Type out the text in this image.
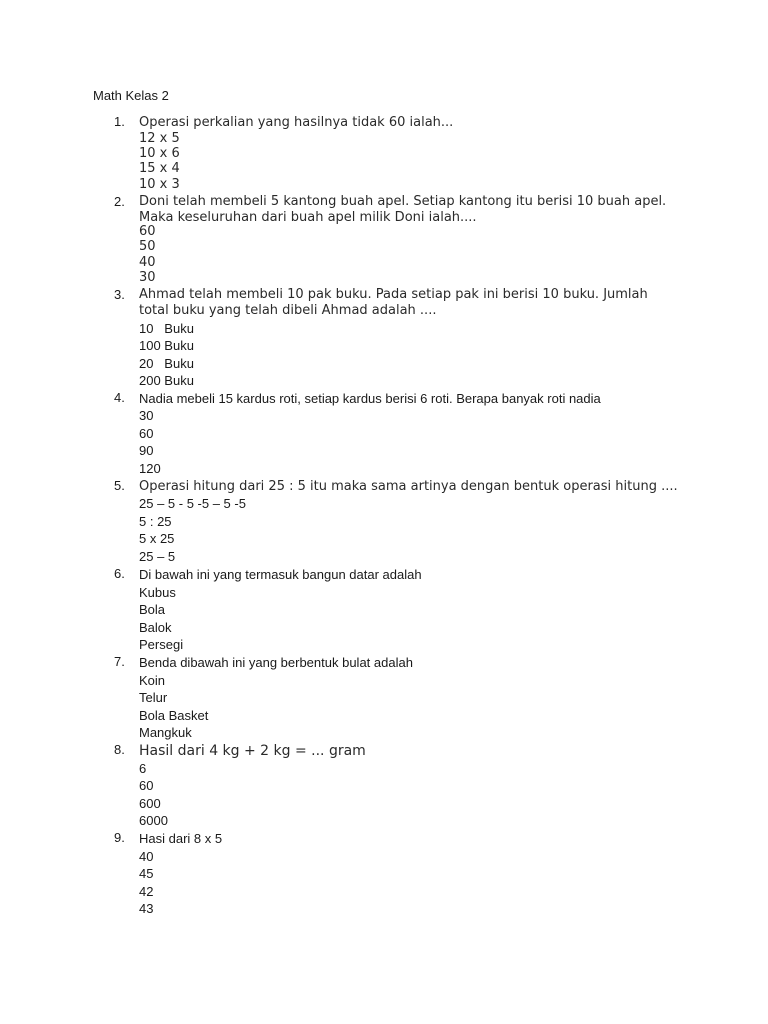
Math Kelas 2
1.	Operasi perkalian yang hasilnya tidak 60 ialah...
12 x 5
10 x 6
15 x 4
10 x 3
2.	Doni telah membeli 5 kantong buah apel. Setiap kantong itu berisi 10 buah apel.
Maka keseluruhan dari buah apel milik Doni ialah....
60
50
40
30
3.	Ahmad telah membeli 10 pak buku. Pada setiap pak ini berisi 10 buku. Jumlah
total buku yang telah dibeli Ahmad adalah ....
10   Buku
100 Buku
20   Buku
200 Buku
4.	Nadia mebeli 15 kardus roti, setiap kardus berisi 6 roti. Berapa banyak roti nadia
30
60
90
120
5.	Operasi hitung dari 25 : 5 itu maka sama artinya dengan bentuk operasi hitung ....
25 – 5 - 5 -5 – 5 -5
5 : 25
5 x 25
25 – 5
6.	Di bawah ini yang termasuk bangun datar adalah
Kubus
Bola
Balok
Persegi
7.	Benda dibawah ini yang berbentuk bulat adalah
Koin
Telur
Bola Basket
Mangkuk
8.	Hasil dari 4 kg + 2 kg = ... gram
6
60
600
6000
9.	Hasi dari 8 x 5
40
45
42
43
